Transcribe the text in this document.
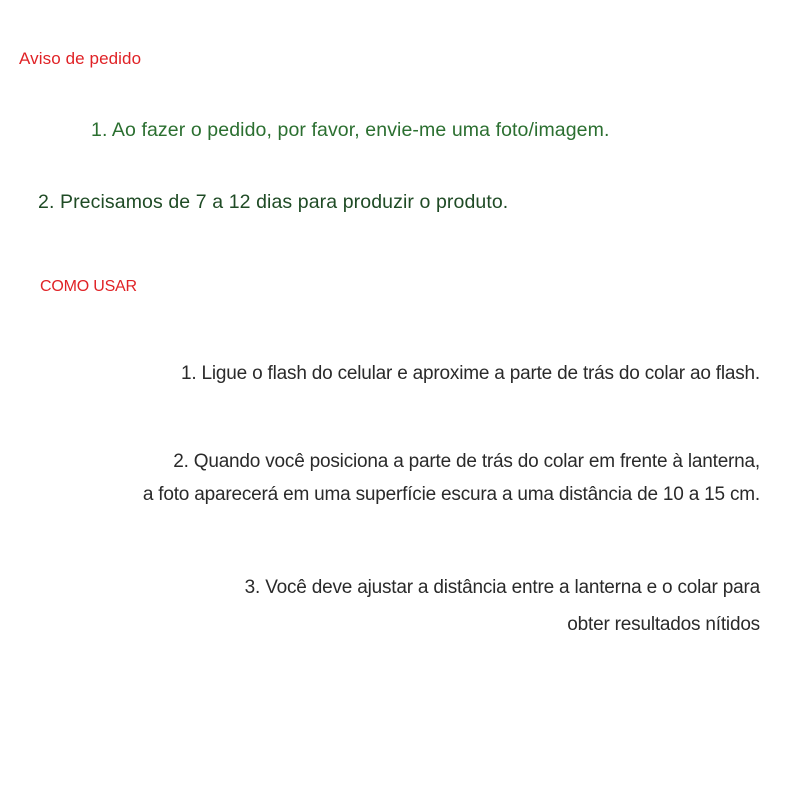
Aviso de pedido
1. Ao fazer o pedido, por favor, envie-me uma foto/imagem.
2. Precisamos de 7 a 12 dias para produzir o produto.
COMO USAR
1. Ligue o flash do celular e aproxime a parte de trás do colar ao flash.
2. Quando você posiciona a parte de trás do colar em frente à lanterna,
a foto aparecerá em uma superfície escura a uma distância de 10 a 15 cm.
3. Você deve ajustar a distância entre a lanterna e o colar para
obter resultados nítidos
